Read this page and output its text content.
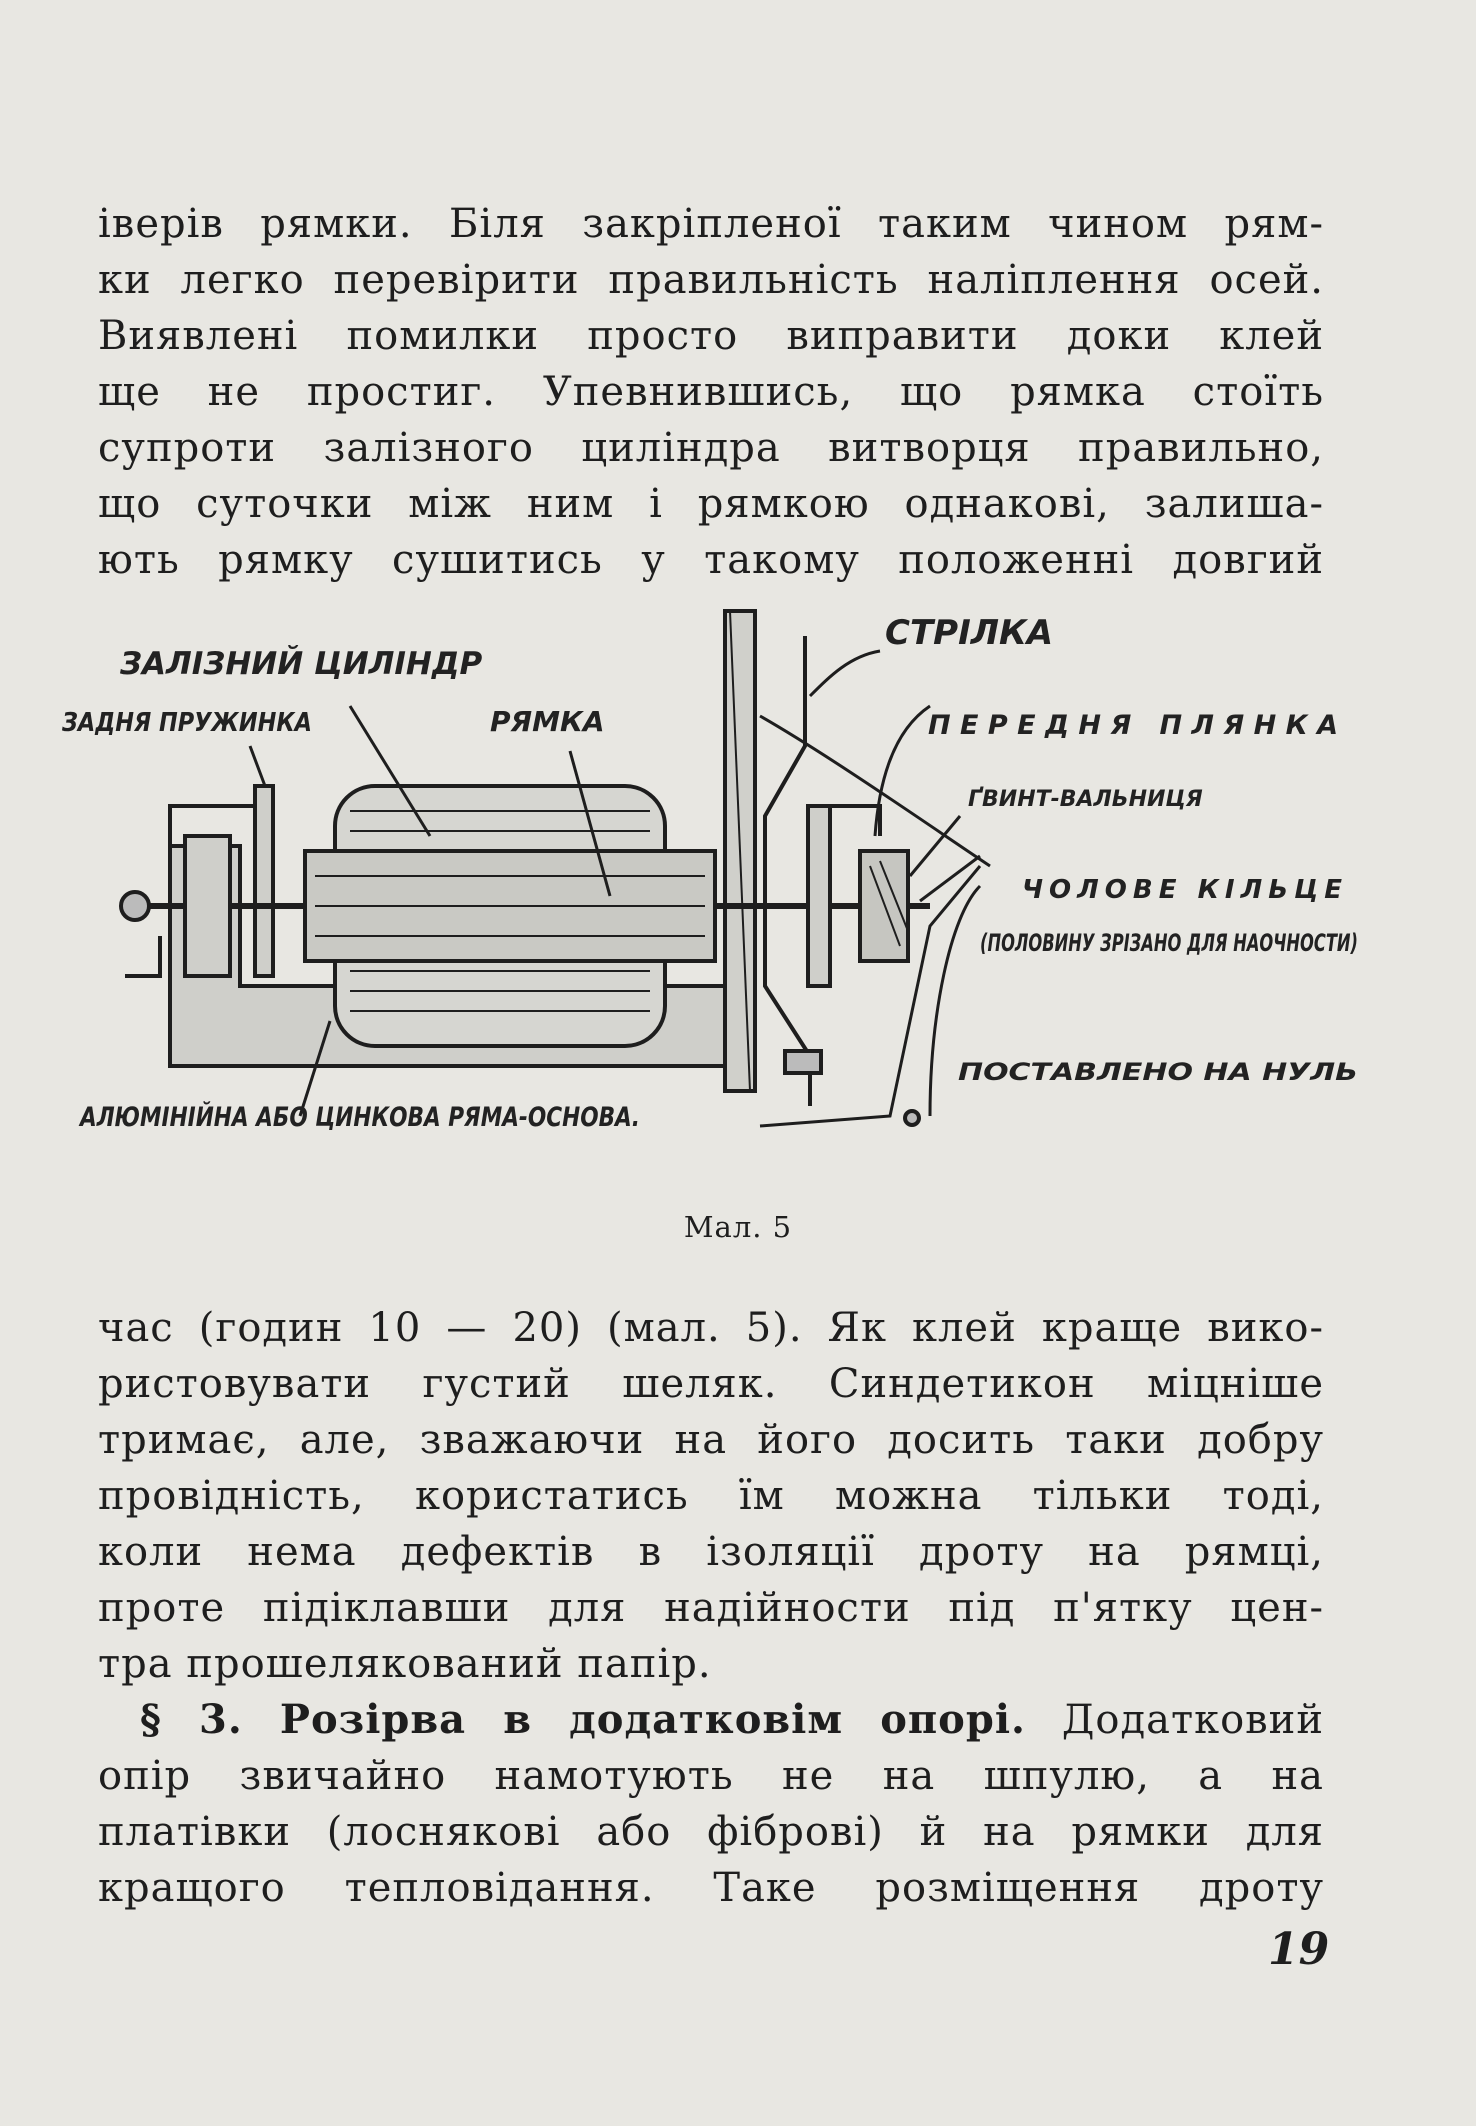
іверів рямки. Біля закріпленої таким чином рям-
ки легко перевірити правильність наліплення осей.
Виявлені помилки просто виправити доки клей
ще не простиг. Упевнившись, що рямка стоїть
супроти залізного циліндра витворця правильно,
що суточки між ним і рямкою однакові, залиша-
ють рямку сушитись у такому положенні довгий
ЗАЛІЗНИЙ ЦИЛІНДР
ЗАДНЯ ПРУЖИНКА	РЯМКА
СТРІЛКА
ПЕРЕДНЯ ПЛЯНКА
ҐВИНТ-ВАЛЬНИЦЯ
ЧОЛОВЕ КІЛЬЦЕ
(ПОЛОВИНУ ЗРІЗАНО ДЛЯ НАОЧНОСТИ)
ПОСТАВЛЕНО НА НУЛЬ
АЛЮМІНІЙНА АБО ЦИНКОВА РЯМА-ОСНОВА.
Мал. 5
час (годин 10 — 20) (мал. 5). Як клей краще вико-
ристовувати густий шеляк. Синдетикон міцніше
тримає, але, зважаючи на його досить таки добру
провідність, користатись їм можна тільки тоді,
коли нема дефектів в ізоляції дроту на рямці,
проте підіклавши для надійности під п'ятку цен-
тра прошелякований папір.
§ 3. Розірва в додатковім опорі. Додатковий
опір звичайно намотують не на шпулю, а на
платівки (лоснякові або фіброві) й на рямки для
кращого тепловідання. Таке розміщення дроту
19
